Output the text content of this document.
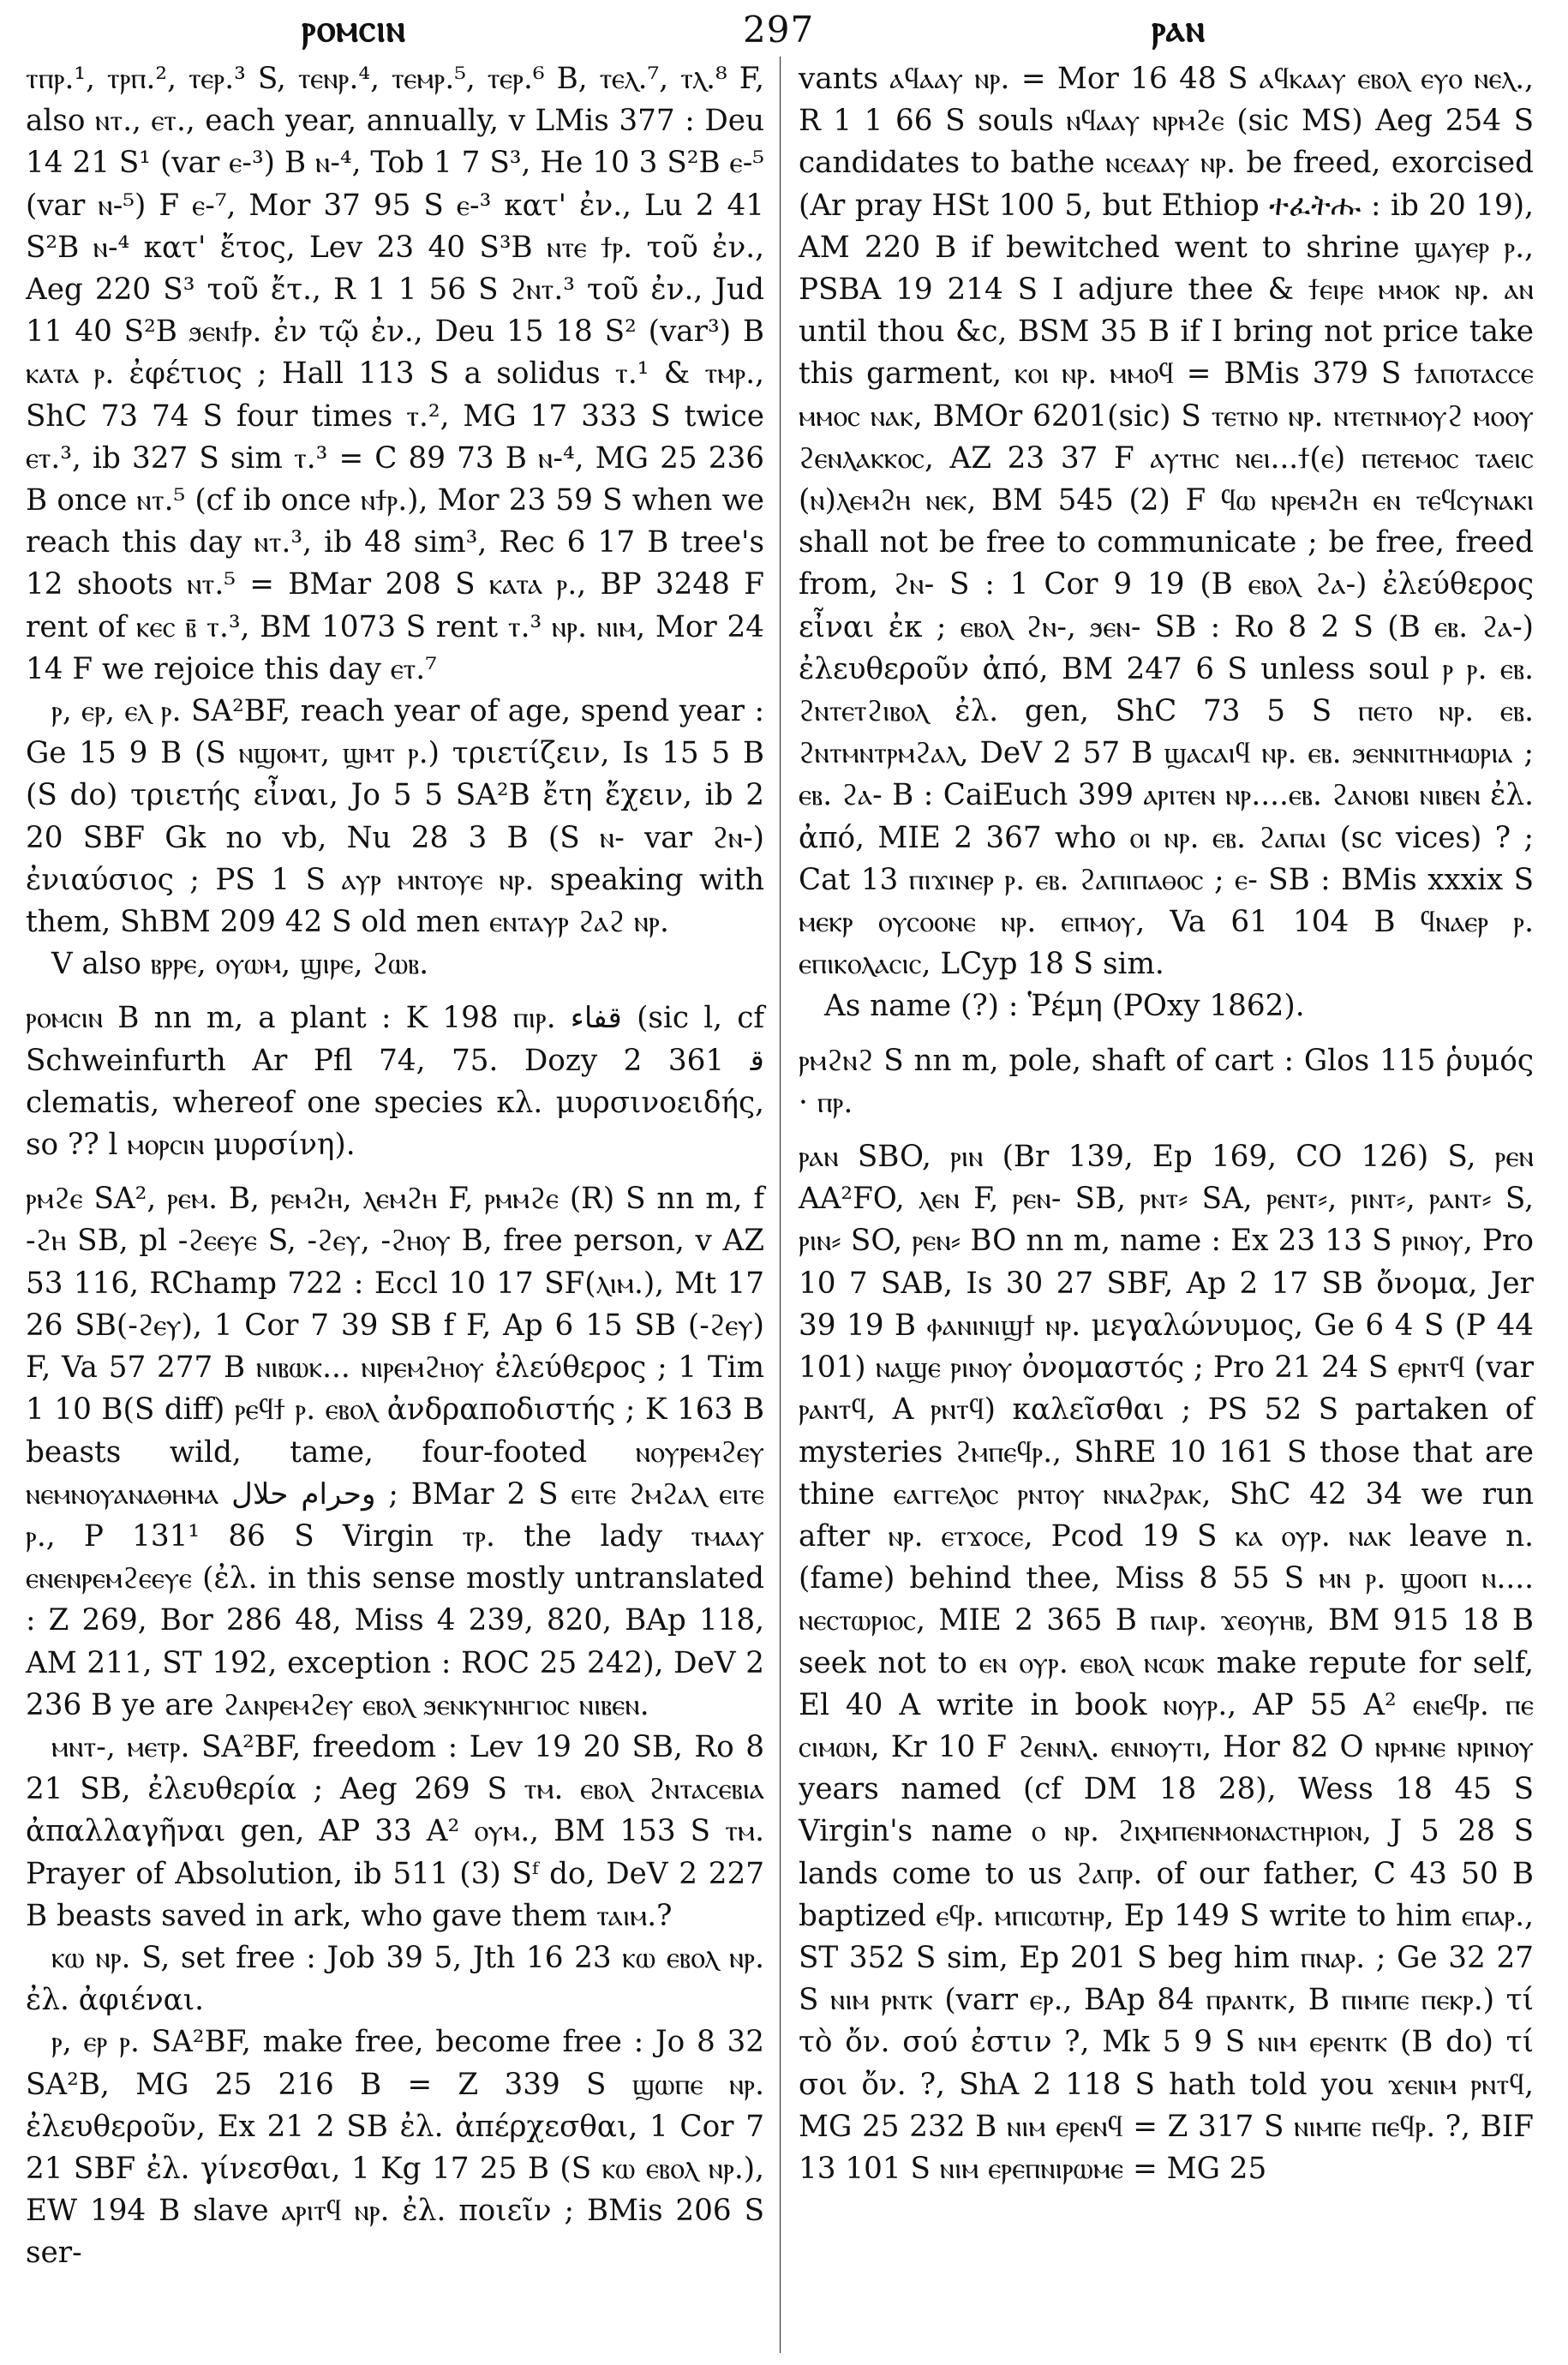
ⲣⲟⲙⲥⲓⲛ	297	ⲣⲁⲛ

ⲧⲡⲣ.¹, ⲧⲣⲡ.², ⲧⲉⲣ.³ S, ⲧⲉⲛⲣ.⁴, ⲧⲉⲙⲣ.⁵, ⲧⲉⲣ.⁶ B, ⲧⲉⲗ.⁷, ⲧⲗ.⁸ F, also ⲛⲧ., ⲉⲧ., each year, annually, v LMis 377 : Deu 14 21 S¹ (var ⲉ-³) B ⲛ-⁴, Tob 1 7 S³, He 10 3 S²B ⲉ-⁵ (var ⲛ-⁵) F ⲉ-⁷, Mor 37 95 S ⲉ-³ κατ' ἐν., Lu 2 41 S²B ⲛ-⁴ κατ' ἔτος, Lev 23 40 S³B ⲛⲧⲉ ϯⲣ. τοῦ ἐν., Aeg 220 S³ τοῦ ἔτ., R 1 1 56 S ϩⲛⲧ.³ τοῦ ἐν., Jud 11 40 S²B ϧⲉⲛϯⲣ. ἐν τῷ ἐν., Deu 15 18 S² (var³) B ⲕⲁⲧⲁ ⲣ. ἐφέτιος ; Hall 113 S a solidus ⲧ.¹ & ⲧⲙⲣ., ShC 73 74 S four times ⲧ.², MG 17 333 S twice ⲉⲧ.³, ib 327 S sim ⲧ.³ = C 89 73 B ⲛ-⁴, MG 25 236 B once ⲛⲧ.⁵ (cf ib once ⲛϯⲣ.), Mor 23 59 S when we reach this day ⲛⲧ.³, ib 48 sim³, Rec 6 17 B tree's 12 shoots ⲛⲧ.⁵ = BMar 208 S ⲕⲁⲧⲁ ⲣ., BP 3248 F rent of ⲕⲉⲥ ⲃ̄ ⲧ.³, BM 1073 S rent ⲧ.³ ⲛⲣ. ⲛⲓⲙ, Mor 24 14 F we rejoice this day ⲉⲧ.⁷

ⲣ, ⲉⲣ, ⲉⲗ ⲣ. SA²BF, reach year of age, spend year : Ge 15 9 B (S ⲛϣⲟⲙⲧ, ϣⲙⲧ ⲣ.) τριετίζειν, Is 15 5 B (S do) τριετής εἶναι, Jo 5 5 SA²B ἔτη ἔχειν, ib 2 20 SBF Gk no vb, Nu 28 3 B (S ⲛ- var ϩⲛ-) ἐνιαύσιος ; PS 1 S ⲁⲩⲣ ⲙⲛⲧⲟⲩⲉ ⲛⲣ. speaking with them, ShBM 209 42 S old men ⲉⲛⲧⲁⲩⲣ ϩⲁϩ ⲛⲣ.

V also ⲃⲣⲣⲉ, ⲟⲩⲱⲙ, ϣⲓⲣⲉ, ϩⲱⲃ.

ⲣⲟⲙⲥⲓⲛ B nn m, a plant : K 198 ⲡⲓⲣ. قفاء (sic l, cf Schweinfurth Ar Pfl 74, 75. Dozy 2 361 ﻗ clematis, whereof one species κλ. μυρσινοειδής, so ?? l ⲙⲟⲣⲥⲓⲛ μυρσίνη).

ⲣⲙϩⲉ SA², ⲣⲉⲙ. B, ⲣⲉⲙϩⲏ, ⲗⲉⲙϩⲏ F, ⲣⲙⲙϩⲉ (R) S nn m, f -ϩⲏ SB, pl -ϩⲉⲉⲩⲉ S, -ϩⲉⲩ, -ϩⲏⲟⲩ B, free person, v AZ 53 116, RChamp 722 : Eccl 10 17 SF(ⲗⲓⲙ.), Mt 17 26 SB(-ϩⲉⲩ), 1 Cor 7 39 SB f F, Ap 6 15 SB (-ϩⲉⲩ) F, Va 57 277 B ⲛⲓⲃⲱⲕ... ⲛⲓⲣⲉⲙϩⲏⲟⲩ ἐλεύθερος ; 1 Tim 1 10 B(S diff) ⲣⲉϥϯ ⲣ. ⲉⲃⲟⲗ ἀνδραποδιστής ; K 163 B beasts wild, tame, four-footed ⲛⲟⲩⲣⲉⲙϩⲉⲩ ⲛⲉⲙⲛⲟⲩⲁⲛⲁⲑⲏⲙⲁ وحرام حلال ; BMar 2 S ⲉⲓⲧⲉ ϩⲙϩⲁⲗ ⲉⲓⲧⲉ ⲣ., P 131¹ 86 S Virgin ⲧⲣ. the lady ⲧⲙⲁⲁⲩ ⲉⲛⲉⲛⲣⲉⲙϩⲉⲉⲩⲉ (ἐλ. in this sense mostly untranslated : Z 269, Bor 286 48, Miss 4 239, 820, BAp 118, AM 211, ST 192, exception : ROC 25 242), DeV 2 236 B ye are ϩⲁⲛⲣⲉⲙϩⲉⲩ ⲉⲃⲟⲗ ϧⲉⲛⲕⲩⲛⲏⲅⲓⲟⲥ ⲛⲓⲃⲉⲛ.

ⲙⲛⲧ-, ⲙⲉⲧⲣ. SA²BF, freedom : Lev 19 20 SB, Ro 8 21 SB, ἐλευθερία ; Aeg 269 S ⲧⲙ. ⲉⲃⲟⲗ ϩⲛⲧⲁⲥⲉⲃⲓⲁ ἀπαλλαγῆναι gen, AP 33 A² ⲟⲩⲙ., BM 153 S ⲧⲙ. Prayer of Absolution, ib 511 (3) Sᶠ do, DeV 2 227 B beasts saved in ark, who gave them ⲧⲁⲓⲙ.?

ⲕⲱ ⲛⲣ. S, set free : Job 39 5, Jth 16 23 ⲕⲱ ⲉⲃⲟⲗ ⲛⲣ. ἐλ. ἀφιέναι.

ⲣ, ⲉⲣ ⲣ. SA²BF, make free, become free : Jo 8 32 SA²B, MG 25 216 B = Z 339 S ϣⲱⲡⲉ ⲛⲣ. ἐλευθεροῦν, Ex 21 2 SB ἐλ. ἀπέρχεσθαι, 1 Cor 7 21 SBF ἐλ. γίνεσθαι, 1 Kg 17 25 B (S ⲕⲱ ⲉⲃⲟⲗ ⲛⲣ.), EW 194 B slave ⲁⲣⲓⲧϥ ⲛⲣ. ἐλ. ποιεῖν ; BMis 206 S ser-

vants ⲁϥⲁⲁⲩ ⲛⲣ. = Mor 16 48 S ⲁϥⲕⲁⲁⲩ ⲉⲃⲟⲗ ⲉⲩⲟ ⲛⲉⲗ., R 1 1 66 S souls ⲛϥⲁⲁⲩ ⲛⲣⲙϩⲉ (sic MS) Aeg 254 S candidates to bathe ⲛⲥⲉⲁⲁⲩ ⲛⲣ. be freed, exorcised (Ar pray HSt 100 5, but Ethiop ተፈትሑ : ib 20 19), AM 220 B if bewitched went to shrine ϣⲁⲩⲉⲣ ⲣ., PSBA 19 214 S I adjure thee & ϯⲉⲓⲣⲉ ⲙⲙⲟⲕ ⲛⲣ. ⲁⲛ until thou &c, BSM 35 B if I bring not price take this garment, ⲕⲟⲓ ⲛⲣ. ⲙⲙⲟϥ = BMis 379 S ϯⲁⲡⲟⲧⲁⲥⲥⲉ ⲙⲙⲟⲥ ⲛⲁⲕ, BMOr 6201(sic) S ⲧⲉⲧⲛⲟ ⲛⲣ. ⲛⲧⲉⲧⲛⲙⲟⲩϩ ⲙⲟⲟⲩ ϩⲉⲛⲗⲁⲕⲕⲟⲥ, AZ 23 37 F ⲁⲩⲧⲏⲥ ⲛⲉⲓ...ϯ(ⲉ) ⲡⲉⲧⲉⲙⲟⲥ ⲧⲁⲉⲓⲥ (ⲛ)ⲗⲉⲙϩⲏ ⲛⲉⲕ, BM 545 (2) F ϥⲱ ⲛⲣⲉⲙϩⲏ ⲉⲛ ⲧⲉϥⲥⲩⲛⲁⲕⲓ shall not be free to communicate ; be free, freed from, ϩⲛ- S : 1 Cor 9 19 (B ⲉⲃⲟⲗ ϩⲁ-) ἐλεύθερος εἶναι ἐκ ; ⲉⲃⲟⲗ ϩⲛ-, ϧⲉⲛ- SB : Ro 8 2 S (B ⲉⲃ. ϩⲁ-) ἐλευθεροῦν ἀπό, BM 247 6 S unless soul ⲣ ⲣ. ⲉⲃ. ϩⲛⲧⲉⲧϩⲓⲃⲟⲗ ἐλ. gen, ShC 73 5 S ⲡⲉⲧⲟ ⲛⲣ. ⲉⲃ. ϩⲛⲧⲙⲛⲧⲣⲙϩⲁⲗ, DeV 2 57 B ϣⲁⲥⲁⲓϥ ⲛⲣ. ⲉⲃ. ϧⲉⲛⲛⲓⲧⲏⲙⲱⲣⲓⲁ ; ⲉⲃ. ϩⲁ- B : CaiEuch 399 ⲁⲣⲓⲧⲉⲛ ⲛⲣ....ⲉⲃ. ϩⲁⲛⲟⲃⲓ ⲛⲓⲃⲉⲛ ἐλ. ἀπό, MIE 2 367 who ⲟⲓ ⲛⲣ. ⲉⲃ. ϩⲁⲡⲁⲓ (sc vices) ? ; Cat 13 ⲡⲓϫⲓⲛⲉⲣ ⲣ. ⲉⲃ. ϩⲁⲡⲓⲡⲁⲑⲟⲥ ; ⲉ- SB : BMis xxxix S ⲙⲉⲕⲣ ⲟⲩⲥⲟⲟⲛⲉ ⲛⲣ. ⲉⲡⲙⲟⲩ, Va 61 104 B ϥⲛⲁⲉⲣ ⲣ. ⲉⲡⲓⲕⲟⲗⲁⲥⲓⲥ, LCyp 18 S sim.

As name (?) : Ῥέμη (POxy 1862).

ⲣⲙϩⲛϩ S nn m, pole, shaft of cart : Glos 115 ῥυμός · ⲡⲣ.

ⲣⲁⲛ SBO, ⲣⲓⲛ (Br 139, Ep 169, CO 126) S, ⲣⲉⲛ AA²FO, ⲗⲉⲛ F, ⲣⲉⲛ- SB, ⲣⲛⲧ⸗ SA, ⲣⲉⲛⲧ⸗, ⲣⲓⲛⲧ⸗, ⲣⲁⲛⲧ⸗ S, ⲣⲓⲛ⸗ SO, ⲣⲉⲛ⸗ BO nn m, name : Ex 23 13 S ⲣⲓⲛⲟⲩ, Pro 10 7 SAB, Is 30 27 SBF, Ap 2 17 SB ὄνομα, Jer 39 19 B ⲫⲁⲛⲓⲛⲓϣϯ ⲛⲣ. μεγαλώνυμος, Ge 6 4 S (P 44 101) ⲛⲁϣⲉ ⲣⲓⲛⲟⲩ ὀνομαστός ; Pro 21 24 S ⲉⲣⲛⲧϥ (var ⲣⲁⲛⲧϥ, A ⲣⲛⲧϥ) καλεῖσθαι ; PS 52 S partaken of mysteries ϩⲙⲡⲉϥⲣ., ShRE 10 161 S those that are thine ⲉⲁⲅⲅⲉⲗⲟⲥ ⲣⲛⲧⲟⲩ ⲛⲛⲁϩⲣⲁⲕ, ShC 42 34 we run after ⲛⲣ. ⲉⲧϫⲟⲥⲉ, Pcod 19 S ⲕⲁ ⲟⲩⲣ. ⲛⲁⲕ leave n. (fame) behind thee, Miss 8 55 S ⲙⲛ ⲣ. ϣⲟⲟⲡ ⲛ.... ⲛⲉⲥⲧⲱⲣⲓⲟⲥ, MIE 2 365 B ⲡⲁⲓⲣ. ϫⲉⲟⲩⲏⲃ, BM 915 18 B seek not to ⲉⲛ ⲟⲩⲣ. ⲉⲃⲟⲗ ⲛⲥⲱⲕ make repute for self, El 40 A write in book ⲛⲟⲩⲣ., AP 55 A² ⲉⲛⲉϥⲣ. ⲡⲉ ⲥⲓⲙⲱⲛ, Kr 10 F ϩⲉⲛⲛⲗ. ⲉⲛⲛⲟⲩⲧⲓ, Hor 82 O ⲛⲣⲙⲛⲉ ⲛⲣⲓⲛⲟⲩ years named (cf DM 18 28), Wess 18 45 S Virgin's name ⲟ ⲛⲣ. ϩⲓⲭⲙⲡⲉⲛⲙⲟⲛⲁⲥⲧⲏⲣⲓⲟⲛ, J 5 28 S lands come to us ϩⲁⲡⲣ. of our father, C 43 50 B baptized ⲉϥⲣ. ⲙⲡⲓⲥⲱⲧⲏⲣ, Ep 149 S write to him ⲉⲡⲁⲣ., ST 352 S sim, Ep 201 S beg him ⲡⲛⲁⲣ. ; Ge 32 27 S ⲛⲓⲙ ⲣⲛⲧⲕ (varr ⲉⲣ., BAp 84 ⲡⲣⲁⲛⲧⲕ, B ⲡⲓⲙⲡⲉ ⲡⲉⲕⲣ.) τί τὸ ὄν. σού ἐστιν ?, Mk 5 9 S ⲛⲓⲙ ⲉⲣⲉⲛⲧⲕ (B do) τί σοι ὄν. ?, ShA 2 118 S hath told you ϫⲉⲛⲓⲙ ⲣⲛⲧϥ, MG 25 232 B ⲛⲓⲙ ⲉⲣⲉⲛϥ = Z 317 S ⲛⲓⲙⲡⲉ ⲡⲉϥⲣ. ?, BIF 13 101 S ⲛⲓⲙ ⲉⲣⲉⲡⲛⲓⲣⲱⲙⲉ = MG 25
